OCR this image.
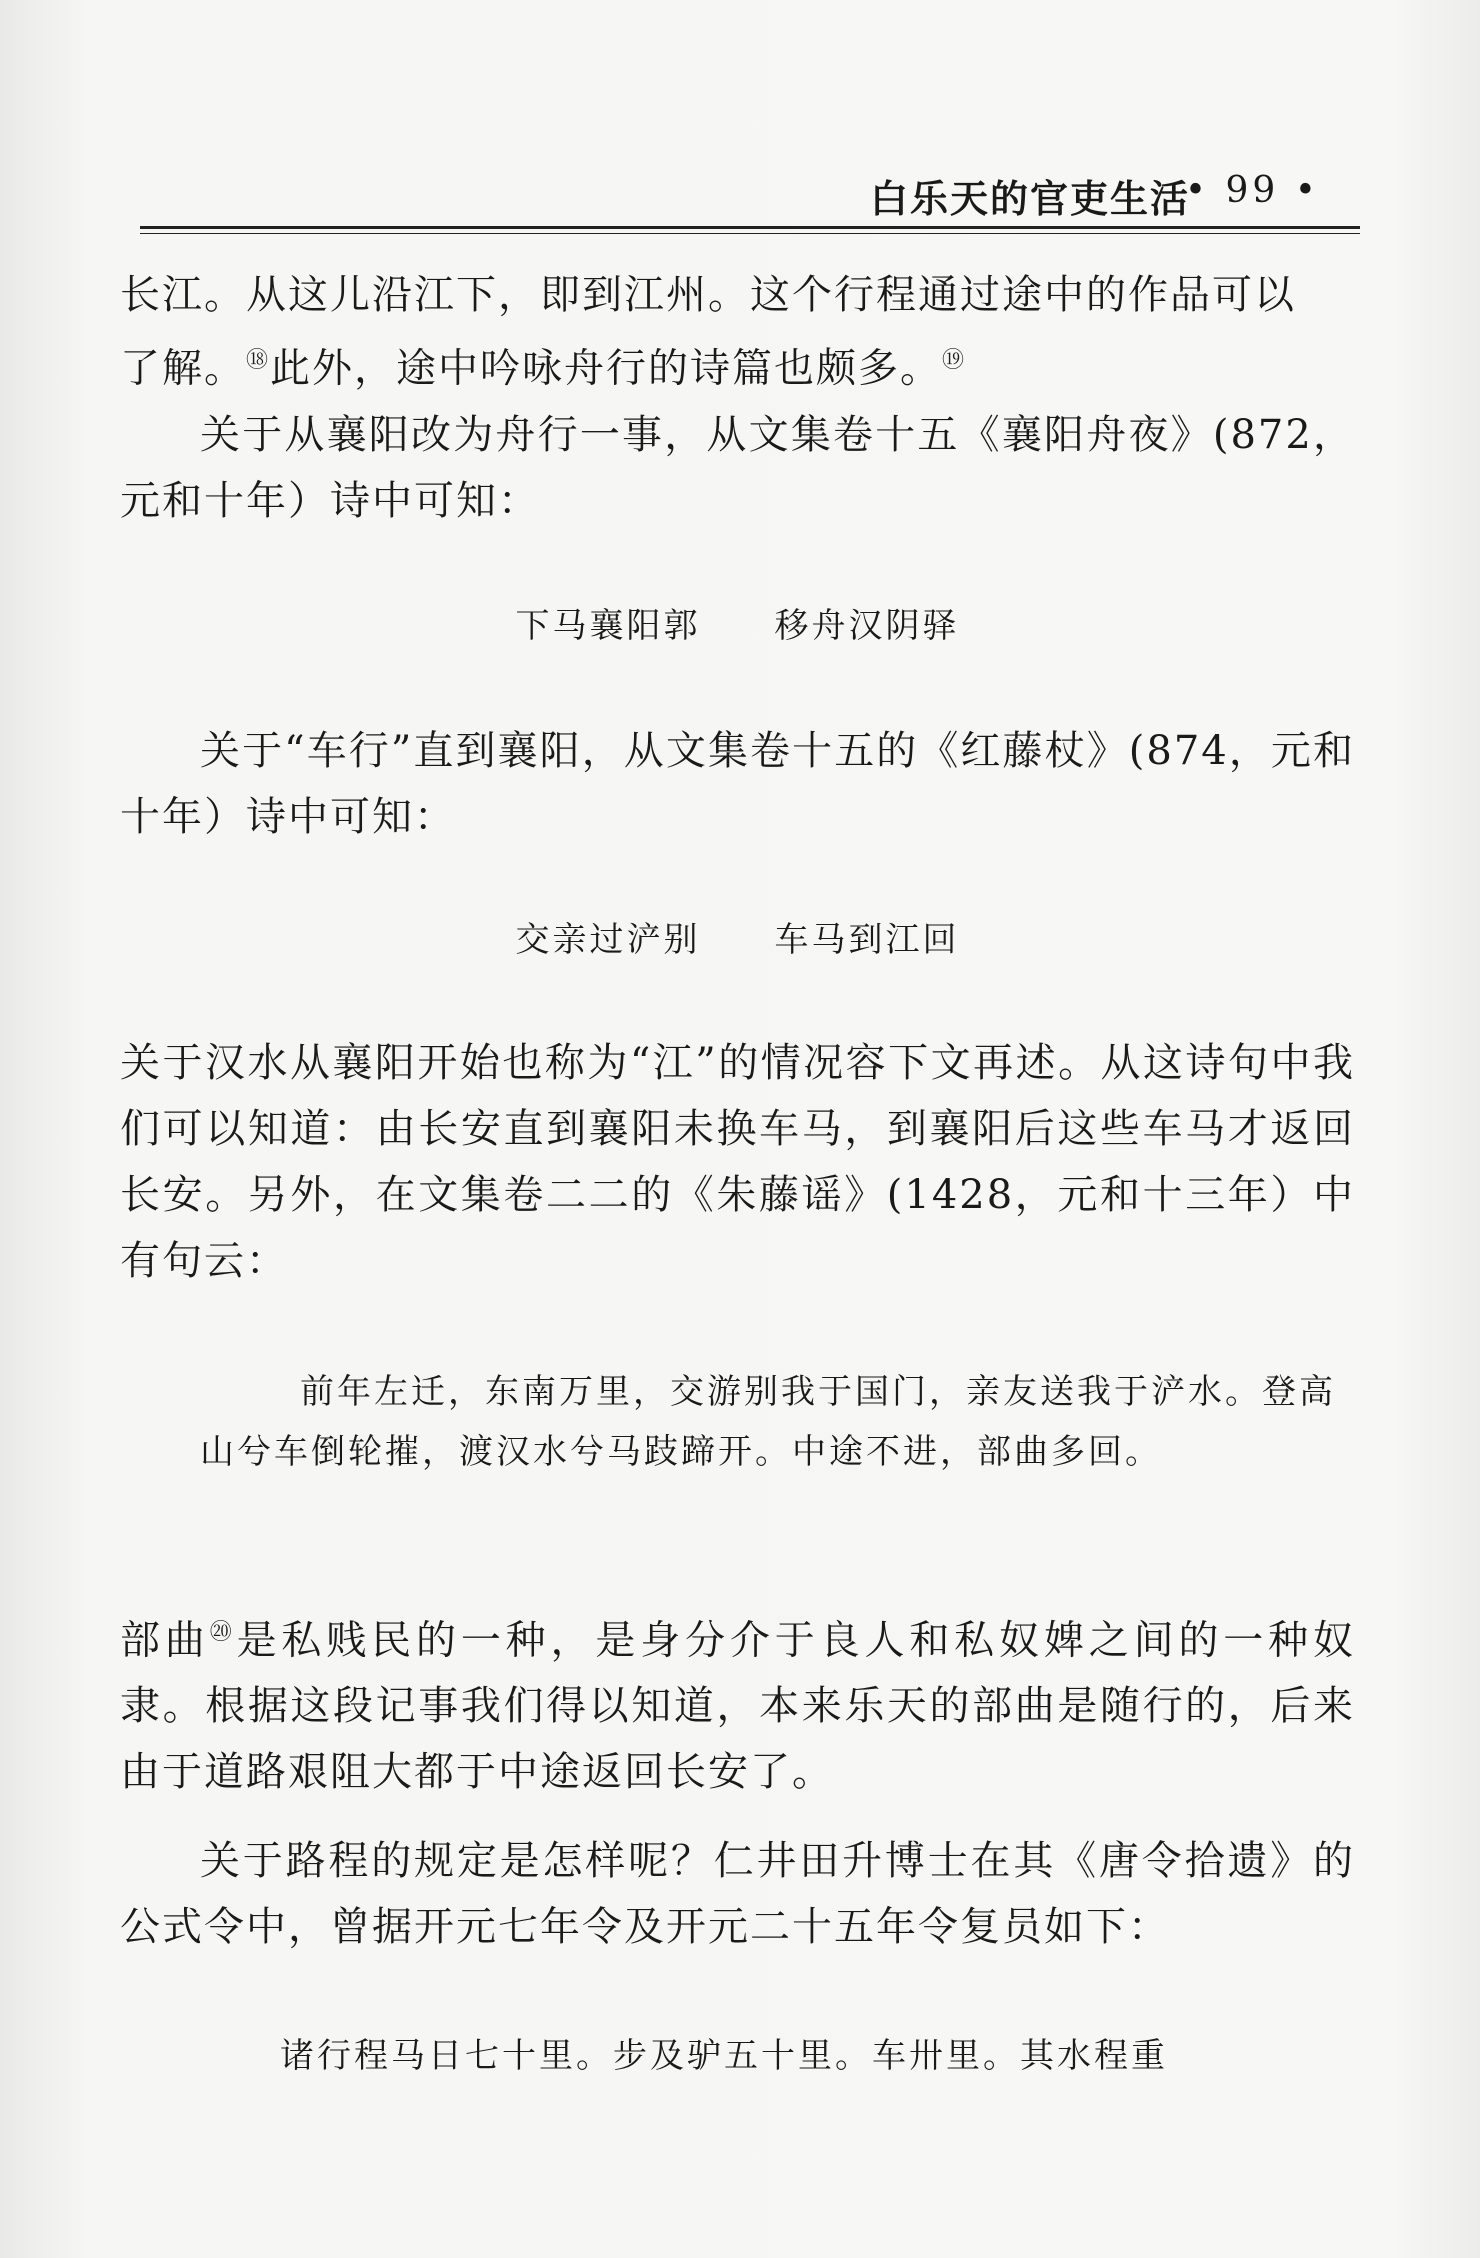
白乐天的官吏生活
• 99 •

长江。从这儿沿江下，即到江州。这个行程通过途中的作品可以

了解。⑱此外，途中吟咏舟行的诗篇也颇多。⑲

关于从襄阳改为舟行一事，从文集卷十五《襄阳舟夜》(872，元和十年）诗中可知：

下马襄阳郭　　移舟汉阴驿

关于“车行”直到襄阳，从文集卷十五的《红藤杖》(874，元和十年）诗中可知：

交亲过浐别　　车马到江回

关于汉水从襄阳开始也称为“江”的情况容下文再述。从这诗句中我们可以知道：由长安直到襄阳未换车马，到襄阳后这些车马才返回长安。另外，在文集卷二二的《朱藤谣》(1428，元和十三年）中有句云：

前年左迁，东南万里，交游别我于国门，亲友送我于浐水。登高山兮车倒轮摧，渡汉水兮马跂蹄开。中途不进，部曲多回。

部曲⑳是私贱民的一种，是身分介于良人和私奴婢之间的一种奴隶。根据这段记事我们得以知道，本来乐天的部曲是随行的，后来由于道路艰阻大都于中途返回长安了。

关于路程的规定是怎样呢？仁井田升博士在其《唐令拾遗》的公式令中，曾据开元七年令及开元二十五年令复员如下：

诸行程马日七十里。步及驴五十里。车卅里。其水程重
